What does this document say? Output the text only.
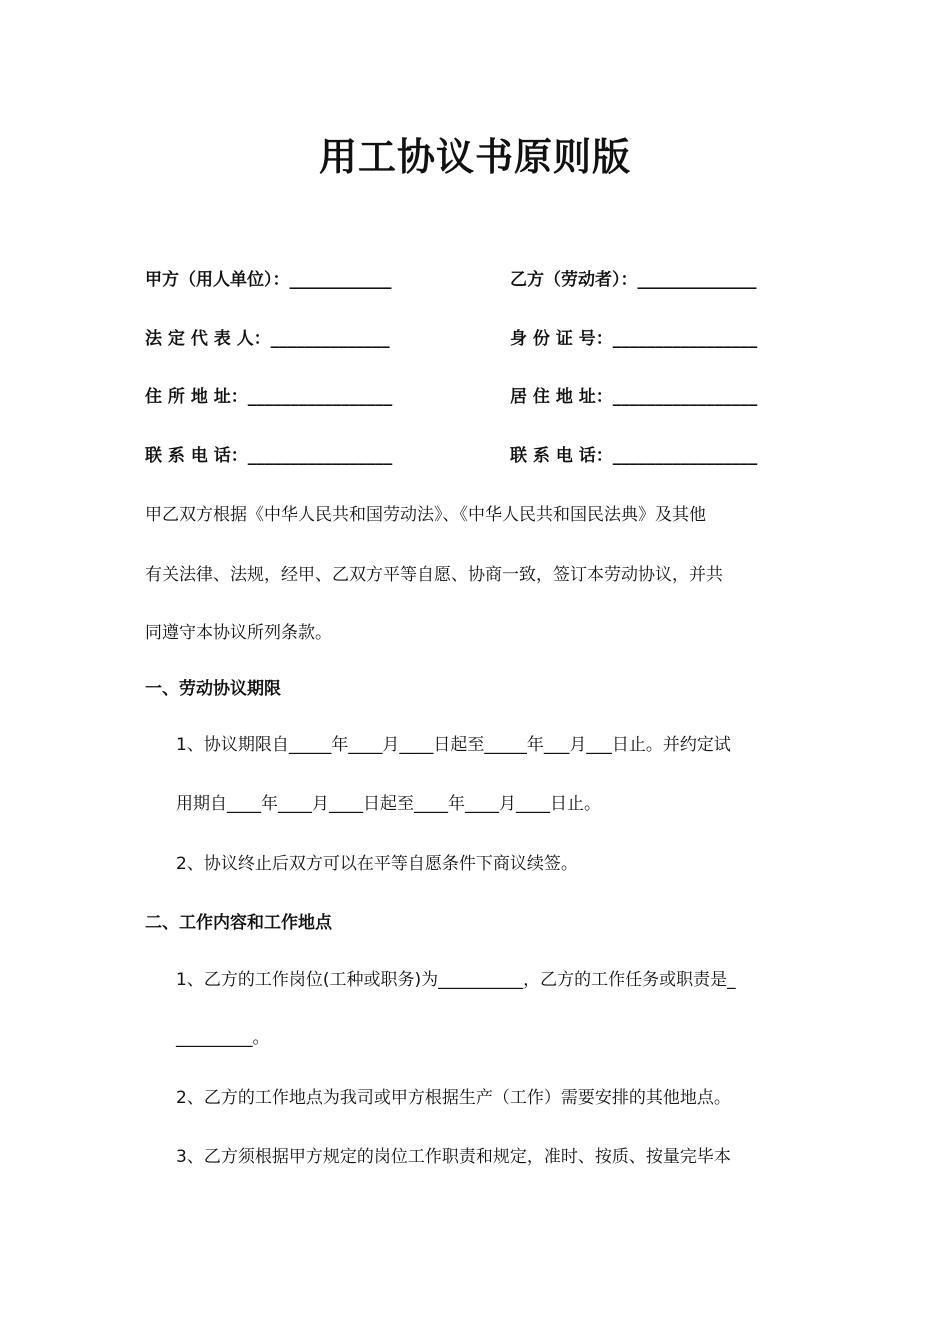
用工协议书原则版
甲方（用人单位）：____________
法 定 代 表 人：______________
住 所 地 址：_________________
联 系 电 话：_________________
乙方（劳动者）：______________
身 份 证 号：_________________
居 住 地 址：_________________
联 系 电 话：_________________
甲乙双方根据《中华人民共和国劳动法》、《中华人民共和国民法典》及其他
有关法律、法规，经甲、乙双方平等自愿、协商一致，签订本劳动协议，并共
同遵守本协议所列条款。
一、劳动协议期限
1、协议期限自_____年____月____日起至_____年___月___日止。并约定试
用期自____年____月____日起至____年____月____日止。
2、协议终止后双方可以在平等自愿条件下商议续签。
二、工作内容和工作地点
1、乙方的工作岗位(工种或职务)为__________，乙方的工作任务或职责是_
_________。
2、乙方的工作地点为我司或甲方根据生产（工作）需要安排的其他地点。
3、乙方须根据甲方规定的岗位工作职责和规定，准时、按质、按量完毕本
